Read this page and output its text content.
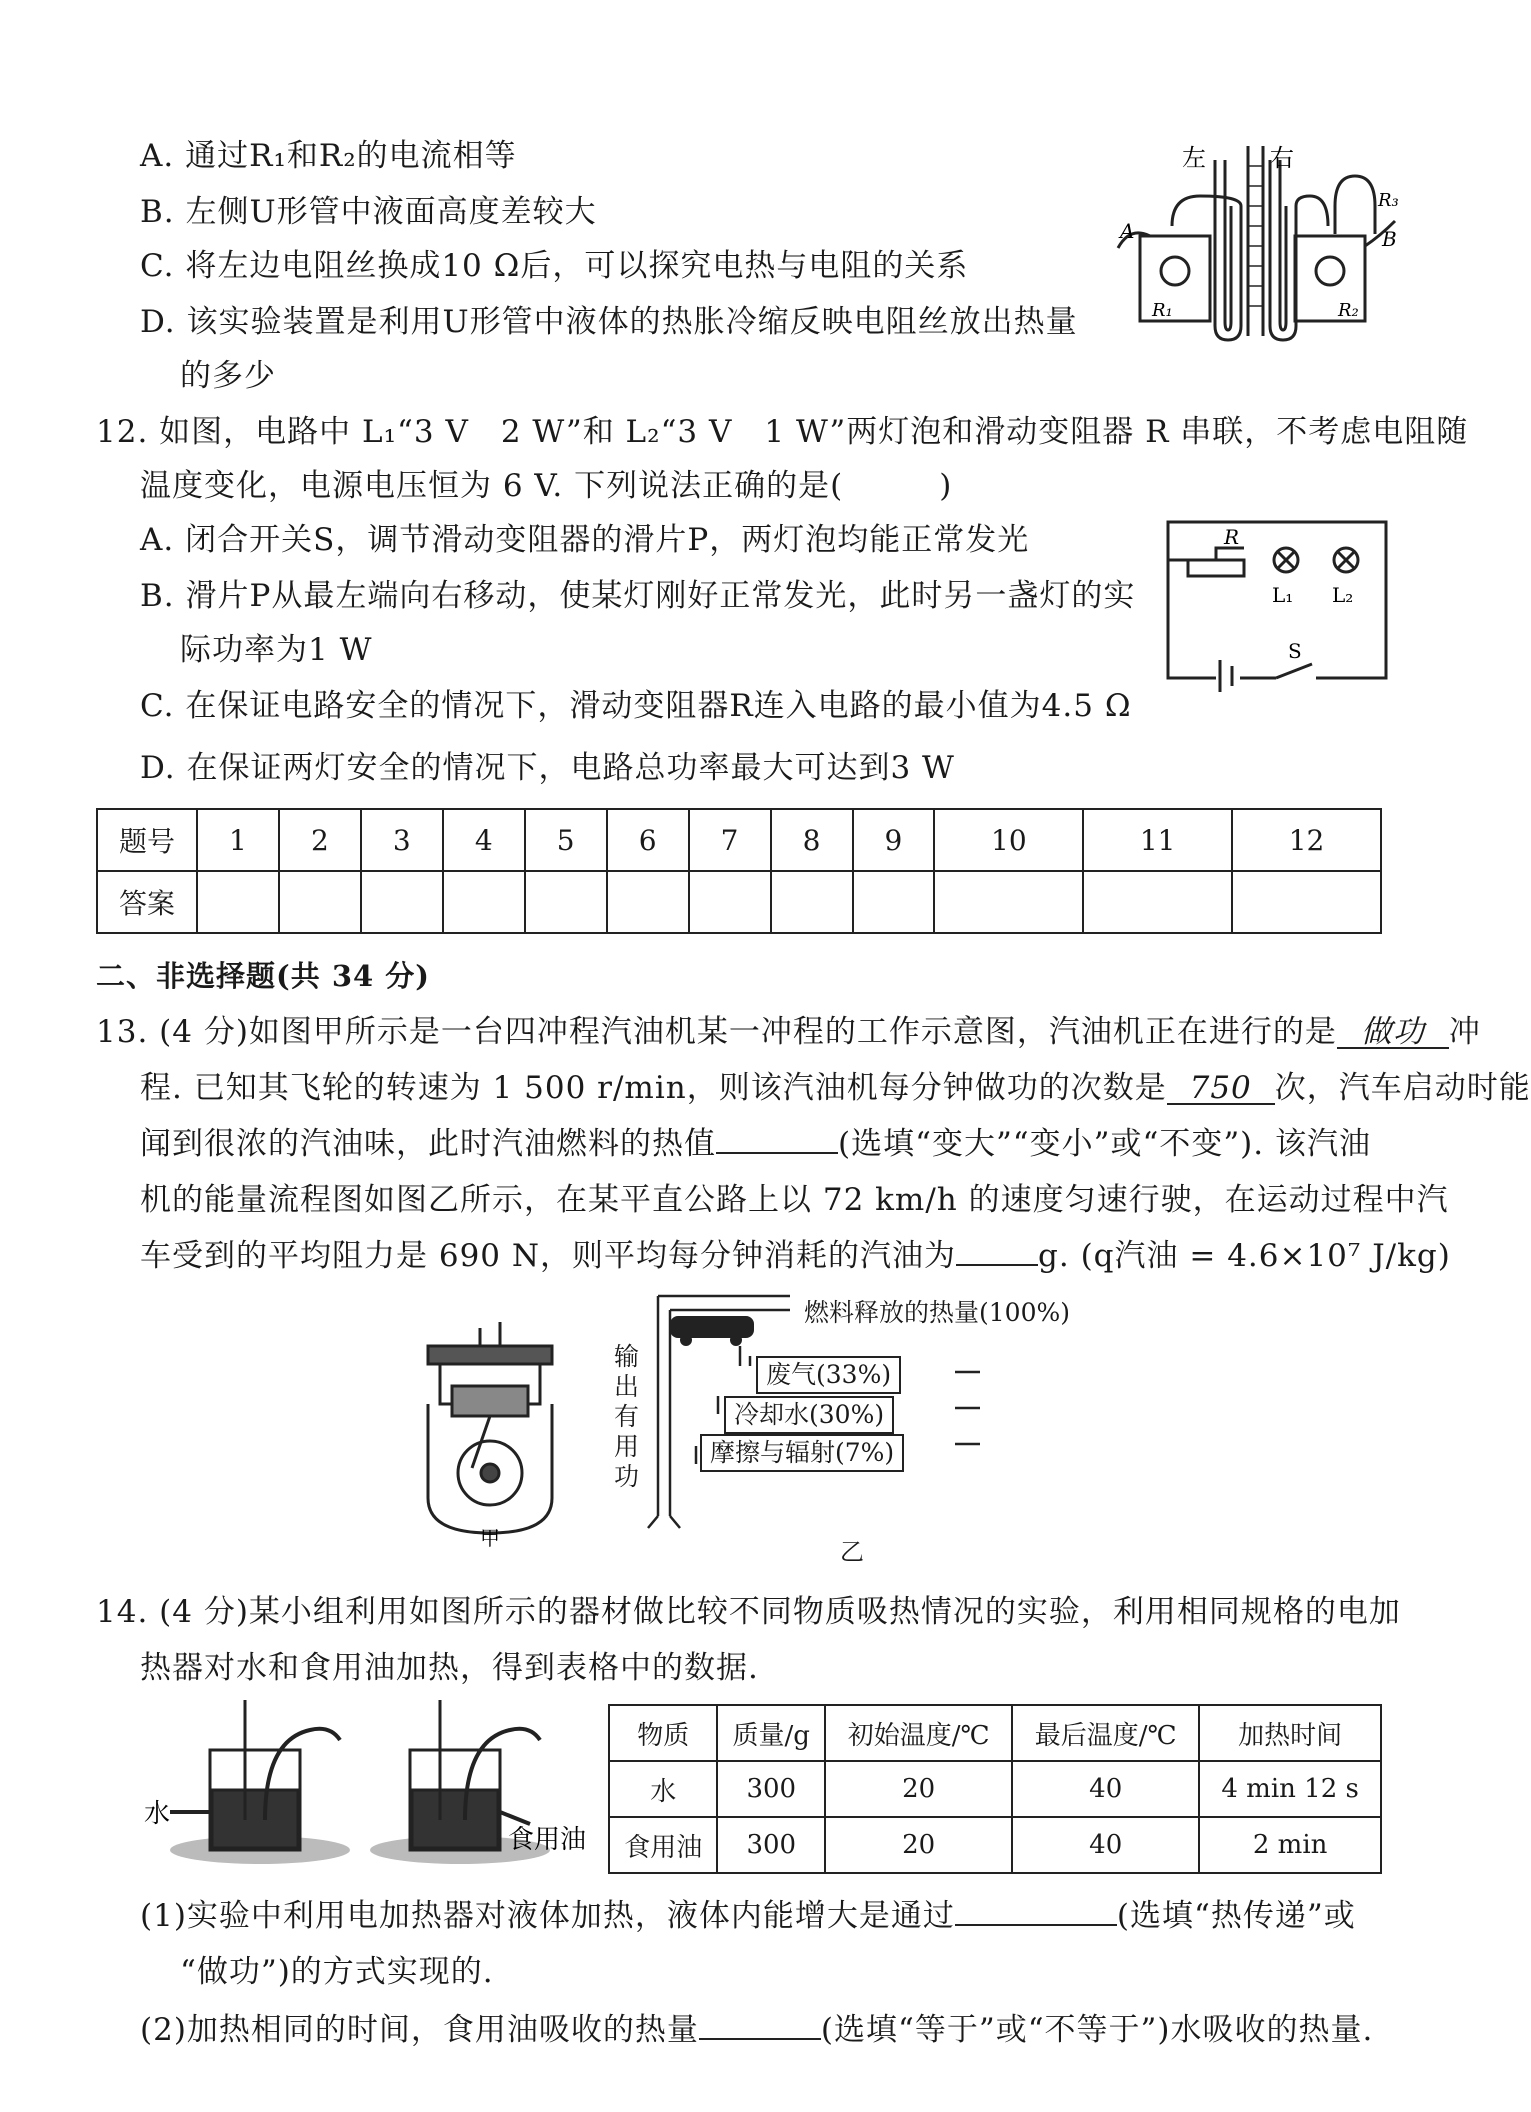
A. 通过R₁和R₂的电流相等
B. 左侧U形管中液面高度差较大
C. 将左边电阻丝换成10 Ω后，可以探究电热与电阻的关系
D. 该实验装置是利用U形管中液体的热胀冷缩反映电阻丝放出热量
的多少
左	右
A	B
R₁	R₂
R₃
12. 如图，电路中 L₁“3 V　2 W”和 L₂“3 V　1 W”两灯泡和滑动变阻器 R 串联，不考虑电阻随
温度变化，电源电压恒为 6 V. 下列说法正确的是(　　　)
A. 闭合开关S，调节滑动变阻器的滑片P，两灯泡均能正常发光
B. 滑片P从最左端向右移动，使某灯刚好正常发光，此时另一盏灯的实
际功率为1 W
C. 在保证电路安全的情况下，滑动变阻器R连入电路的最小值为4.5 Ω
D. 在保证两灯安全的情况下，电路总功率最大可达到3 W
R
L₁ L₂
S
题号	1	2	3	4	5	6	7	8	9	10	11	12
答案												
二、非选择题(共 34 分)
13. (4 分)如图甲所示是一台四冲程汽油机某一冲程的工作示意图，汽油机正在进行的是 做功 冲
程. 已知其飞轮的转速为 1 500 r/min，则该汽油机每分钟做功的次数是 750 次，汽车启动时能
闻到很浓的汽油味，此时汽油燃料的热值	(选填“变大”“变小”或“不变”). 该汽油
机的能量流程图如图乙所示，在某平直公路上以 72 km/h 的速度匀速行驶，在运动过程中汽
车受到的平均阻力是 690 N，则平均每分钟消耗的汽油为	g. (q汽油 = 4.6×10⁷ J/kg)
甲
燃料释放的热量(100%)
废气(33%)
冷却水(30%)
摩擦与辐射(7%)
输
出
有
用
功
乙
14. (4 分)某小组利用如图所示的器材做比较不同物质吸热情况的实验，利用相同规格的电加
热器对水和食用油加热，得到表格中的数据.
水
食用油
物质	质量/g	初始温度/℃	最后温度/℃	加热时间
水	300	20	40	4 min 12 s
食用油	300	20	40	2 min
(1)实验中利用电加热器对液体加热，液体内能增大是通过	(选填“热传递”或
“做功”)的方式实现的.
(2)加热相同的时间，食用油吸收的热量	(选填“等于”或“不等于”)水吸收的热量.
